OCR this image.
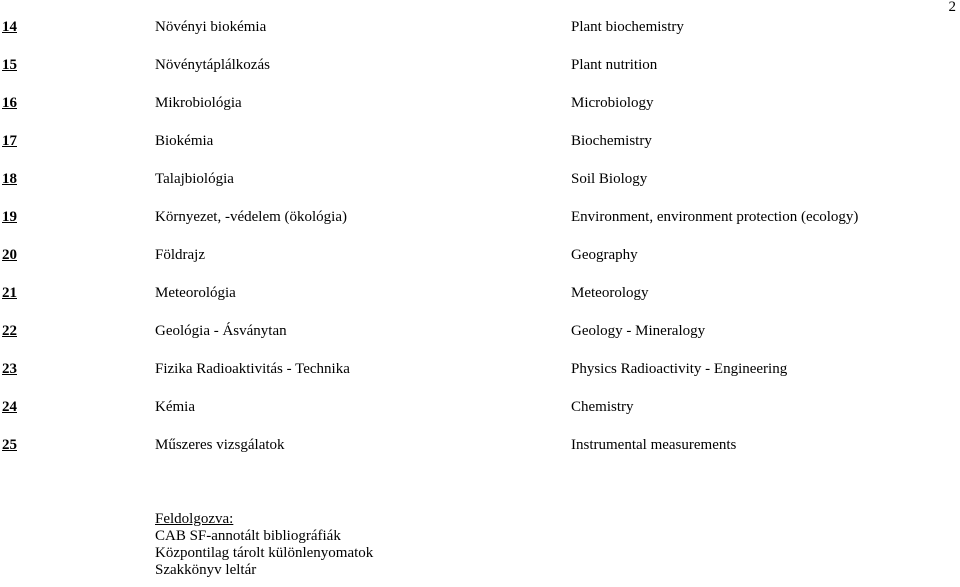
2
14	Növényi biokémia	Plant biochemistry
15	Növénytáplálkozás	Plant nutrition
16	Mikrobiológia	Microbiology
17	Biokémia	Biochemistry
18	Talajbiológia	Soil Biology
19	Környezet, -védelem (ökológia)	Environment, environment protection (ecology)
20	Földrajz	Geography
21	Meteorológia	Meteorology
22	Geológia - Ásványtan	Geology - Mineralogy
23	Fizika Radioaktivitás - Technika	Physics Radioactivity - Engineering
24	Kémia	Chemistry
25	Műszeres vizsgálatok	Instrumental measurements
Feldolgozva:
CAB SF-annotált bibliográfiák
Központilag tárolt különlenyomatok
Szakkönyv leltár
